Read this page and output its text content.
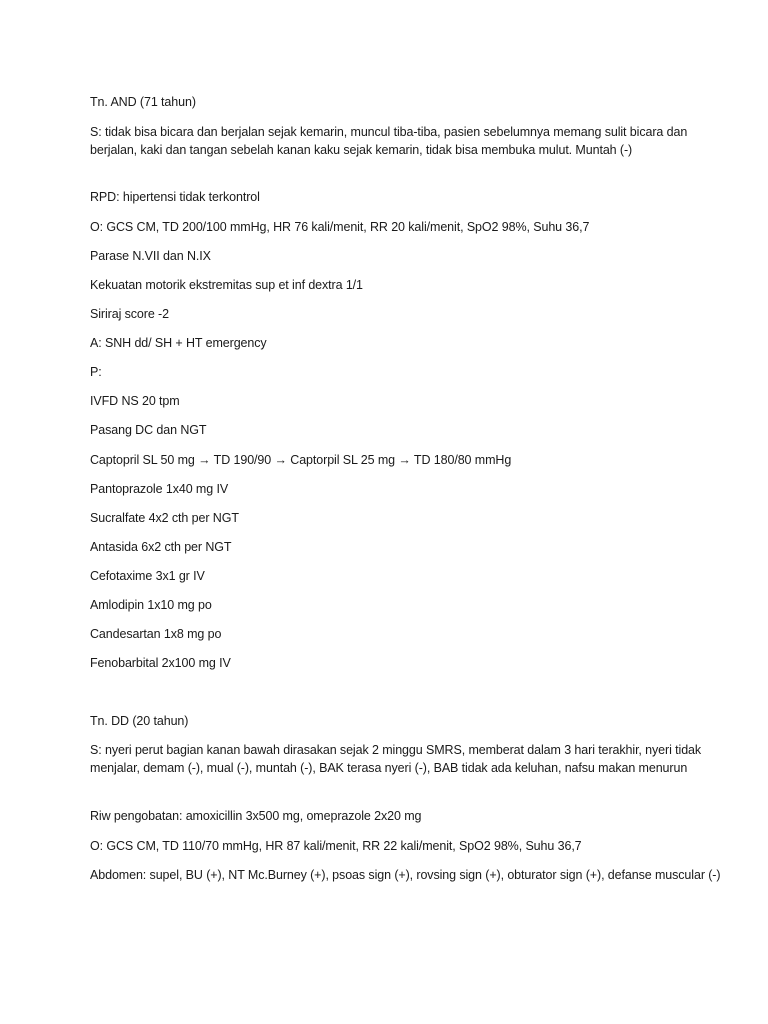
Tn. AND (71 tahun)
S: tidak bisa bicara dan berjalan sejak kemarin, muncul tiba-tiba, pasien sebelumnya memang sulit bicara dan berjalan, kaki dan tangan sebelah kanan kaku sejak kemarin, tidak bisa membuka mulut. Muntah (-)
RPD: hipertensi tidak terkontrol
O: GCS CM, TD 200/100 mmHg, HR 76 kali/menit, RR 20 kali/menit, SpO2 98%, Suhu 36,7
Parase N.VII dan N.IX
Kekuatan motorik ekstremitas sup et inf dextra 1/1
Siriraj score -2
A: SNH dd/ SH + HT emergency
P:
IVFD NS 20 tpm
Pasang DC dan NGT
Captopril SL 50 mg → TD 190/90 → Captorpil SL 25 mg → TD 180/80 mmHg
Pantoprazole 1x40 mg IV
Sucralfate 4x2 cth per NGT
Antasida 6x2 cth per NGT
Cefotaxime 3x1 gr IV
Amlodipin 1x10 mg po
Candesartan 1x8 mg po
Fenobarbital 2x100 mg IV
Tn. DD (20 tahun)
S: nyeri perut bagian kanan bawah dirasakan sejak 2 minggu SMRS, memberat dalam 3 hari terakhir, nyeri tidak menjalar, demam (-), mual (-), muntah (-), BAK terasa nyeri (-), BAB tidak ada keluhan, nafsu makan menurun
Riw pengobatan: amoxicillin 3x500 mg, omeprazole 2x20 mg
O: GCS CM, TD 110/70 mmHg, HR 87 kali/menit, RR 22 kali/menit, SpO2 98%, Suhu 36,7
Abdomen: supel, BU (+), NT Mc.Burney (+), psoas sign (+), rovsing sign (+), obturator sign (+), defanse muscular (-)
